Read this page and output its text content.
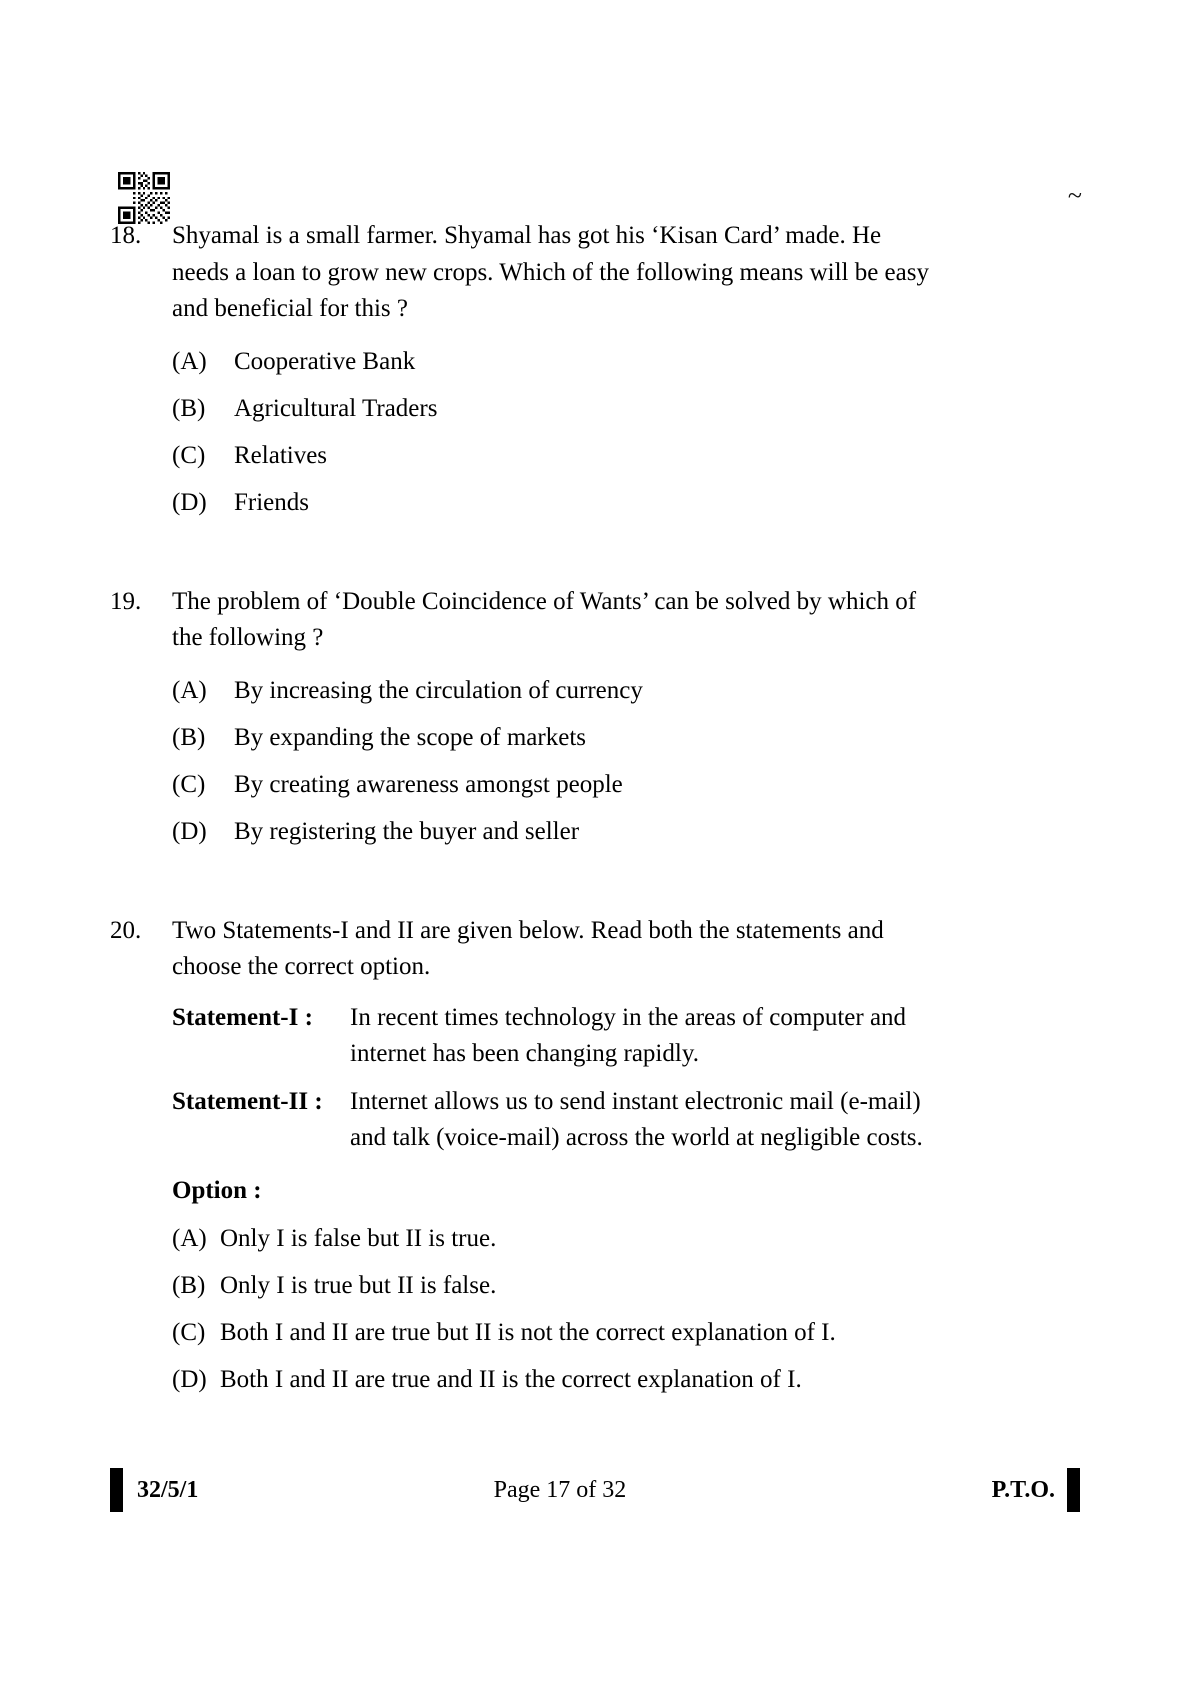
~
18.	Shyamal is a small farmer. Shyamal has got his ‘Kisan Card’ made. He
needs a loan to grow new crops. Which of the following means will be easy
and beneficial for this ?
(A)	Cooperative Bank
(B)	Agricultural Traders
(C)	Relatives
(D)	Friends
19.	The problem of ‘Double Coincidence of Wants’ can be solved by which of
the following ?
(A)	By increasing the circulation of currency
(B)	By expanding the scope of markets
(C)	By creating awareness amongst people
(D)	By registering the buyer and seller
20.	Two Statements-I and II are given below. Read both the statements and
choose the correct option.
Statement-I :	In recent times technology in the areas of computer and
internet has been changing rapidly.
Statement-II :	Internet allows us to send instant electronic mail (e-mail)
and talk (voice-mail) across the world at negligible costs.
Option :
(A) Only I is false but II is true.
(B) Only I is true but II is false.
(C) Both I and II are true but II is not the correct explanation of I.
(D) Both I and II are true and II is the correct explanation of I.
32/5/1	Page 17 of 32	P.T.O.
